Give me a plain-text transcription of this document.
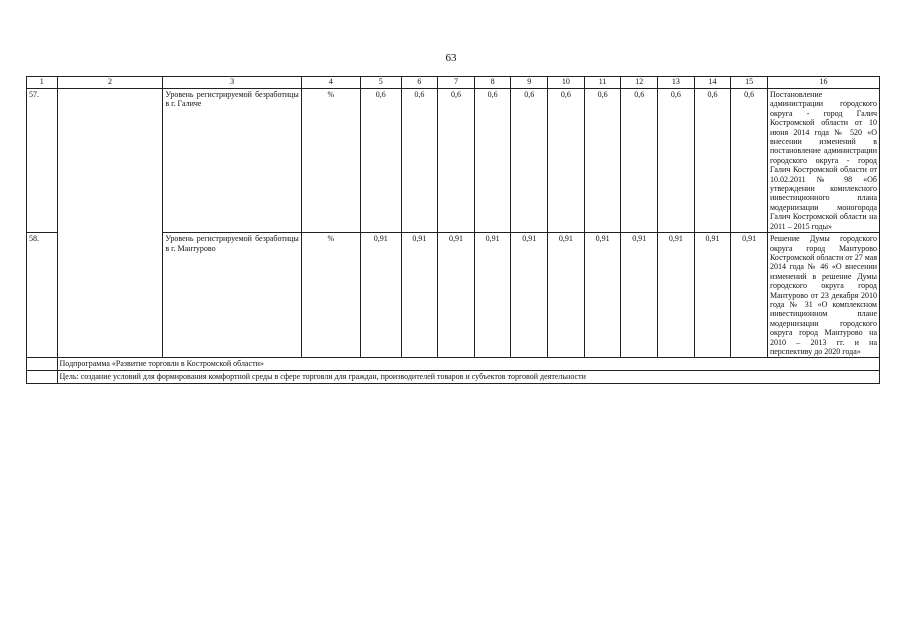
63
1	2	3	4	5	6	7	8	9	10	11	12	13	14	15	16
57.		Уровень регистрируемой безработицы в г. Галиче	%	0,6	0,6	0,6	0,6	0,6	0,6	0,6	0,6	0,6	0,6	0,6	Постановление администрации городского округа - город Галич Костромской области от 10 июня 2014 года № 520 «О внесении изменений в постановление администрации городского округа - город Галич Костромской области от 10.02.2011 № 98 «Об утверждении комплексного инвестиционного плана модернизации моногорода Галич Костромской области на 2011 – 2015 годы»
58.		Уровень регистрируемой безработицы в г. Мантурово	%	0,91	0,91	0,91	0,91	0,91	0,91	0,91	0,91	0,91	0,91	0,91	Решение Думы городского округа город Мантурово Костромской области от 27 мая 2014 года № 46 «О внесении изменений в решение Думы городского округа город Мантурово от 23 декабря 2010 года № 31 «О комплексном инвестиционном плане модернизации городского округа город Мантурово на 2010 – 2013 гг. и на перспективу до 2020 года»
	Подпрограмма «Развитие торговли в Костромской области»														
	Цель: создание условий для формирования комфортной среды в сфере торговли для граждан, производителей товаров и субъектов торговой деятельности														
